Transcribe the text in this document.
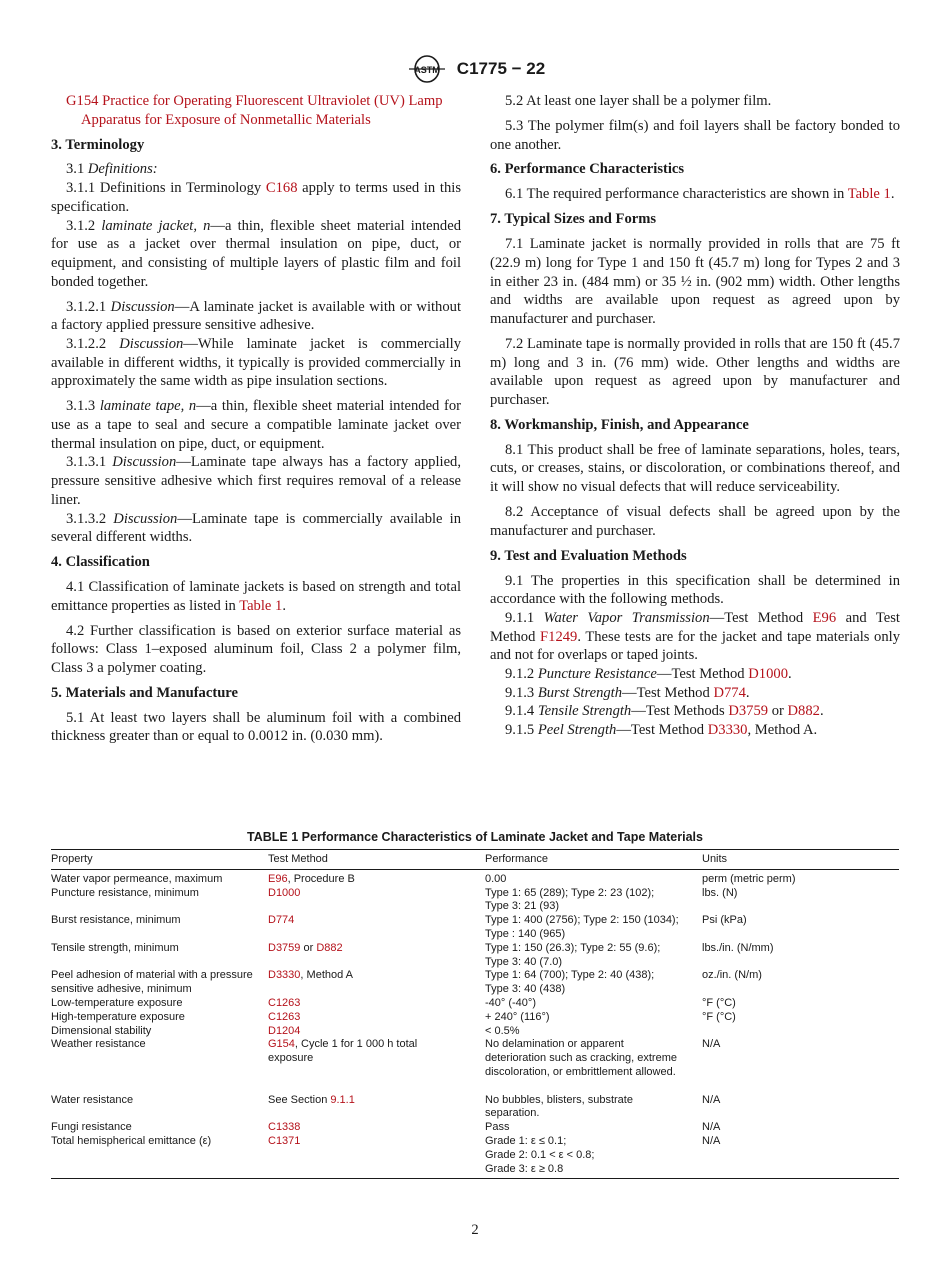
ASTM C1775 − 22

G154 Practice for Operating Fluorescent Ultraviolet (UV) Lamp Apparatus for Exposure of Nonmetallic Materials

3. Terminology

3.1 Definitions:

3.1.1 Definitions in Terminology C168 apply to terms used in this specification.

3.1.2 laminate jacket, n—a thin, flexible sheet material intended for use as a jacket over thermal insulation on pipe, duct, or equipment, and consisting of multiple layers of plastic film and foil bonded together.

3.1.2.1 Discussion—A laminate jacket is available with or without a factory applied pressure sensitive adhesive.

3.1.2.2 Discussion—While laminate jacket is commercially available in different widths, it typically is provided commercially in approximately the same width as pipe insulation sections.

3.1.3 laminate tape, n—a thin, flexible sheet material intended for use as a tape to seal and secure a compatible laminate jacket over thermal insulation on pipe, duct, or equipment.

3.1.3.1 Discussion—Laminate tape always has a factory applied, pressure sensitive adhesive which first requires removal of a release liner.

3.1.3.2 Discussion—Laminate tape is commercially available in several different widths.

4. Classification

4.1 Classification of laminate jackets is based on strength and total emittance properties as listed in Table 1.

4.2 Further classification is based on exterior surface material as follows: Class 1–exposed aluminum foil, Class 2 a polymer film, Class 3 a polymer coating.

5. Materials and Manufacture

5.1 At least two layers shall be aluminum foil with a combined thickness greater than or equal to 0.0012 in. (0.030 mm).

5.2 At least one layer shall be a polymer film.

5.3 The polymer film(s) and foil layers shall be factory bonded to one another.

6. Performance Characteristics

6.1 The required performance characteristics are shown in Table 1.

7. Typical Sizes and Forms

7.1 Laminate jacket is normally provided in rolls that are 75 ft (22.9 m) long for Type 1 and 150 ft (45.7 m) long for Types 2 and 3 in either 23 in. (484 mm) or 35 ½ in. (902 mm) width. Other lengths and widths are available upon request as agreed upon by manufacturer and purchaser.

7.2 Laminate tape is normally provided in rolls that are 150 ft (45.7 m) long and 3 in. (76 mm) wide. Other lengths and widths are available upon request as agreed upon by manufacturer and purchaser.

8. Workmanship, Finish, and Appearance

8.1 This product shall be free of laminate separations, holes, tears, cuts, or creases, stains, or discoloration, or combinations thereof, and it will show no visual defects that will reduce serviceability.

8.2 Acceptance of visual defects shall be agreed upon by the manufacturer and purchaser.

9. Test and Evaluation Methods

9.1 The properties in this specification shall be determined in accordance with the following methods.

9.1.1 Water Vapor Transmission—Test Method E96 and Test Method F1249. These tests are for the jacket and tape materials only and not for overlaps or taped joints.

9.1.2 Puncture Resistance—Test Method D1000.

9.1.3 Burst Strength—Test Method D774.

9.1.4 Tensile Strength—Test Methods D3759 or D882.

9.1.5 Peel Strength—Test Method D3330, Method A.

TABLE 1 Performance Characteristics of Laminate Jacket and Tape Materials
Property	Test Method	Performance	Units
Water vapor permeance, maximum	E96, Procedure B	0.00	perm (metric perm)
Puncture resistance, minimum	D1000	Type 1: 65 (289); Type 2: 23 (102); Type 3: 21 (93)	lbs. (N)
Burst resistance, minimum	D774	Type 1: 400 (2756); Type 2: 150 (1034); Type : 140 (965)	Psi (kPa)
Tensile strength, minimum	D3759 or D882	Type 1: 150 (26.3); Type 2: 55 (9.6); Type 3: 40 (7.0)	lbs./in. (N/mm)
Peel adhesion of material with a pressure sensitive adhesive, minimum	D3330, Method A	Type 1: 64 (700); Type 2: 40 (438); Type 3: 40 (438)	oz./in. (N/m)
Low-temperature exposure	C1263	-40° (-40°)	°F (°C)
High-temperature exposure	C1263	+ 240° (116°)	°F (°C)
Dimensional stability	D1204	< 0.5%	
Weather resistance	G154, Cycle 1 for 1 000 h total exposure	No delamination or apparent deterioration such as cracking, extreme discoloration, or embrittlement allowed.	N/A

Water resistance	See Section 9.1.1	No bubbles, blisters, substrate separation.	N/A
Fungi resistance	C1338	Pass	N/A
Total hemispherical emittance (ε)	C1371	Grade 1: ε ≤ 0.1;
Grade 2: 0.1 < ε < 0.8;
Grade 3: ε ≥ 0.8	N/A
2
